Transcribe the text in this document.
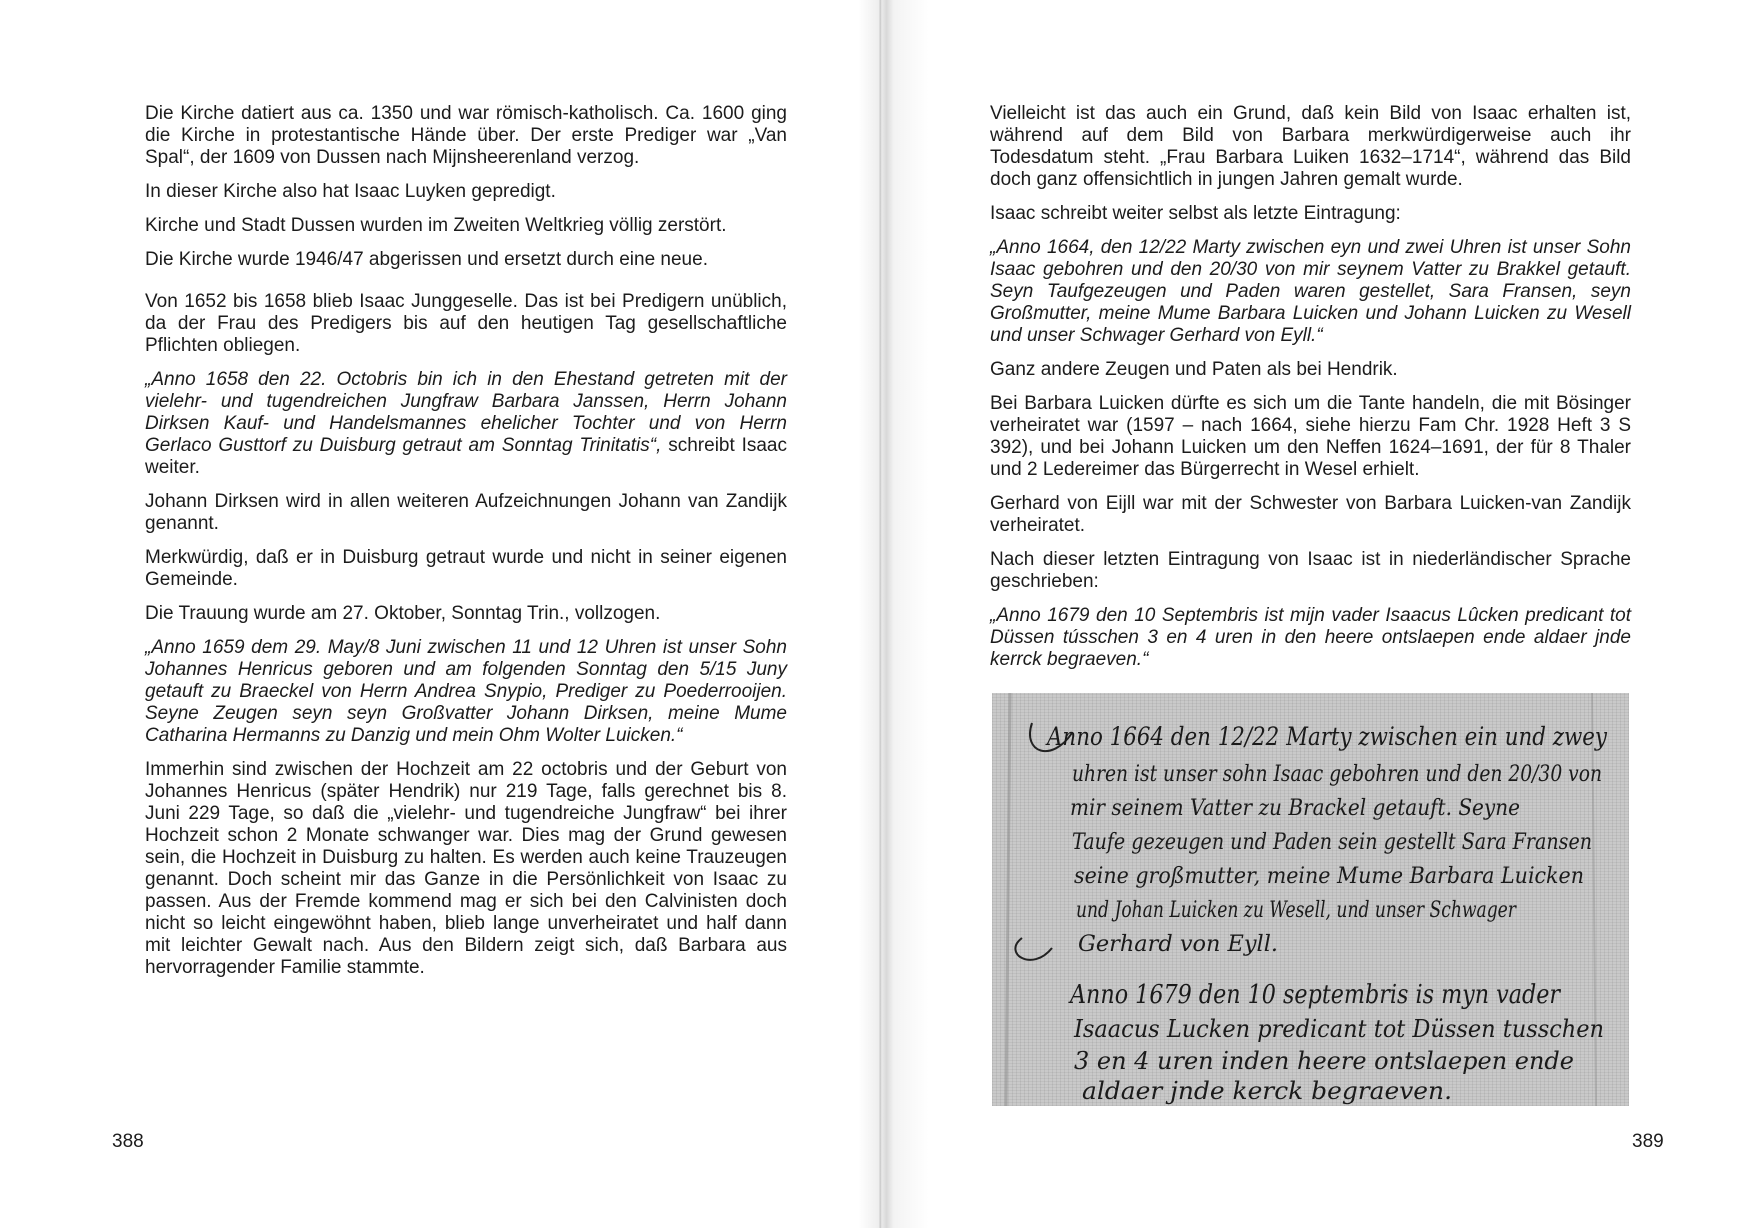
Die Kirche datiert aus ca. 1350 und war römisch-katholisch. Ca. 1600 ging die Kirche in protestantische Hände über. Der erste Prediger war „Van Spal“, der 1609 von Dussen nach Mijnsheerenland verzog.

In dieser Kirche also hat Isaac Luyken gepredigt.

Kirche und Stadt Dussen wurden im Zweiten Weltkrieg völlig zerstört.

Die Kirche wurde 1946/47 abgerissen und ersetzt durch eine neue.

Von 1652 bis 1658 blieb Isaac Junggeselle. Das ist bei Predigern unüblich, da der Frau des Predigers bis auf den heutigen Tag gesellschaftliche Pflichten obliegen.

„Anno 1658 den 22. Octobris bin ich in den Ehestand getreten mit der vielehr- und tugendreichen Jungfraw Barbara Janssen, Herrn Johann Dirksen Kauf- und Handelsmannes ehelicher Tochter und von Herrn Gerlaco Gusttorf zu Duisburg getraut am Sonntag Trinitatis“, schreibt Isaac weiter.

Johann Dirksen wird in allen weiteren Aufzeichnungen Johann van Zandijk genannt.

Merkwürdig, daß er in Duisburg getraut wurde und nicht in seiner eigenen Gemeinde.

Die Trauung wurde am 27. Oktober, Sonntag Trin., vollzogen.

„Anno 1659 dem 29. May/8 Juni zwischen 11 und 12 Uhren ist unser Sohn Johannes Henricus geboren und am folgenden Sonntag den 5/15 Juny getauft zu Braeckel von Herrn Andrea Snypio, Prediger zu Poederrooijen. Seyne Zeugen seyn seyn Großvatter Johann Dirksen, meine Mume Catharina Hermanns zu Danzig und mein Ohm Wolter Luicken.“

Immerhin sind zwischen der Hochzeit am 22 octobris und der Geburt von Johannes Henricus (später Hendrik) nur 219 Tage, falls gerechnet bis 8. Juni 229 Tage, so daß die „vielehr- und tugendreiche Jungfraw“ bei ihrer Hochzeit schon 2 Monate schwanger war. Dies mag der Grund gewesen sein, die Hochzeit in Duisburg zu halten. Es werden auch keine Trauzeugen genannt. Doch scheint mir das Ganze in die Persönlichkeit von Isaac zu passen. Aus der Fremde kommend mag er sich bei den Calvinisten doch nicht so leicht eingewöhnt haben, blieb lange unverheiratet und half dann mit leichter Gewalt nach. Aus den Bildern zeigt sich, daß Barbara aus hervorragender Familie stammte.

388

Vielleicht ist das auch ein Grund, daß kein Bild von Isaac erhalten ist, während auf dem Bild von Barbara merkwürdigerweise auch ihr Todesdatum steht. „Frau Barbara Luiken 1632–1714“, während das Bild doch ganz offensichtlich in jungen Jahren gemalt wurde.

Isaac schreibt weiter selbst als letzte Eintragung:

„Anno 1664, den 12/22 Marty zwischen eyn und zwei Uhren ist unser Sohn Isaac gebohren und den 20/30 von mir seynem Vatter zu Brakkel getauft. Seyn Taufgezeugen und Paden waren gestellet, Sara Fransen, seyn Großmutter, meine Mume Barbara Luicken und Johann Luicken zu Wesell und unser Schwager Gerhard von Eyll.“

Ganz andere Zeugen und Paten als bei Hendrik.

Bei Barbara Luicken dürfte es sich um die Tante handeln, die mit Bösinger verheiratet war (1597 – nach 1664, siehe hierzu Fam Chr. 1928 Heft 3 S 392), und bei Johann Luicken um den Neffen 1624–1691, der für 8 Thaler und 2 Ledereimer das Bürgerrecht in Wesel erhielt.

Gerhard von Eijll war mit der Schwester von Barbara Luicken-van Zandijk verheiratet.

Nach dieser letzten Eintragung von Isaac ist in niederländischer Sprache geschrieben:

„Anno 1679 den 10 Septembris ist mijn vader Isaacus Lûcken predicant tot Düssen tússchen 3 en 4 uren in den heere ontslaepen ende aldaer jnde kerrck begraeven.“

Anno 1664 den 12/22 Marty zwischen ein und zwey
uhren ist unser sohn Isaac gebohren und den 20/30 von
mir seinem Vatter zu Brackel getauft. Seyne
Taufe gezeugen und Paden sein gestellt Sara Fransen
seine großmutter, meine Mume Barbara Luicken
und Johan Luicken zu Wesell, und unser Schwager
Gerhard von Eyll.
Anno 1679 den 10 septembris is myn vader
Isaacus Lucken predicant tot Düssen tusschen
3 en 4 uren inden heere ontslaepen ende
aldaer jnde kerck begraeven.
389
